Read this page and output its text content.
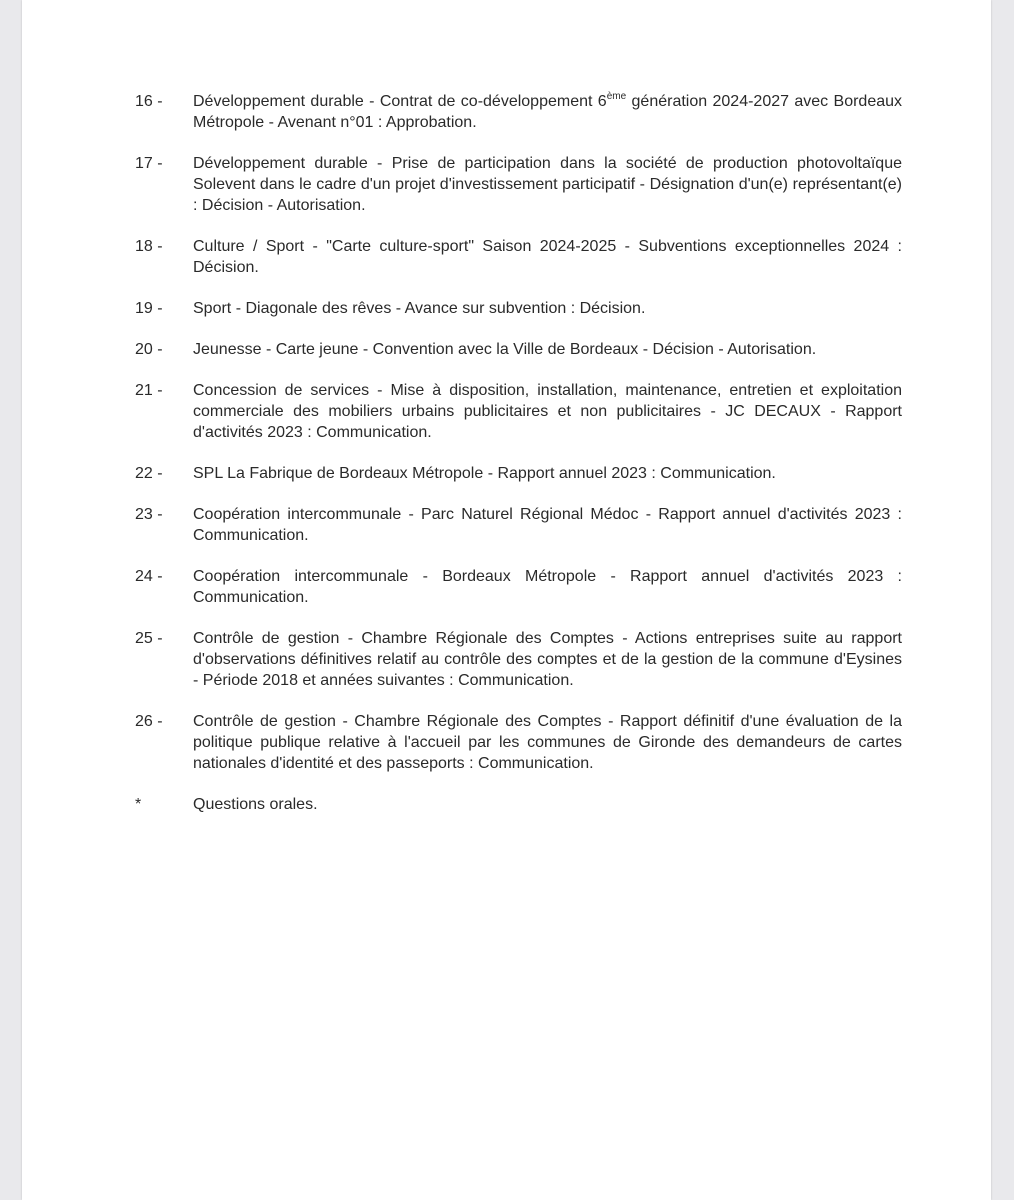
16 -	Développement durable - Contrat de co-développement 6ème génération 2024-2027 avec Bordeaux Métropole - Avenant n°01 : Approbation.
17 -	Développement durable - Prise de participation dans la société de production photovoltaïque Solevent dans le cadre d'un projet d'investissement participatif - Désignation d'un(e) représentant(e) : Décision - Autorisation.
18 -	Culture / Sport - "Carte culture-sport" Saison 2024-2025 - Subventions exceptionnelles 2024 : Décision.
19 -	Sport - Diagonale des rêves - Avance sur subvention : Décision.
20 -	Jeunesse - Carte jeune - Convention avec la Ville de Bordeaux - Décision - Autorisation.
21 -	Concession de services - Mise à disposition, installation, maintenance, entretien et exploitation commerciale des mobiliers urbains publicitaires et non publicitaires - JC DECAUX - Rapport d'activités 2023 : Communication.
22 -	SPL La Fabrique de Bordeaux Métropole - Rapport annuel 2023 : Communication.
23 -	Coopération intercommunale - Parc Naturel Régional Médoc - Rapport annuel d'activités 2023 : Communication.
24 -	Coopération intercommunale - Bordeaux Métropole - Rapport annuel d'activités 2023 : Communication.
25 -	Contrôle de gestion - Chambre Régionale des Comptes - Actions entreprises suite au rapport d'observations définitives relatif au contrôle des comptes et de la gestion de la commune d'Eysines - Période 2018 et années suivantes : Communication.
26 -	Contrôle de gestion - Chambre Régionale des Comptes - Rapport définitif d'une évaluation de la politique publique relative à l'accueil par les communes de Gironde des demandeurs de cartes nationales d'identité et des passeports : Communication.
*	Questions orales.
